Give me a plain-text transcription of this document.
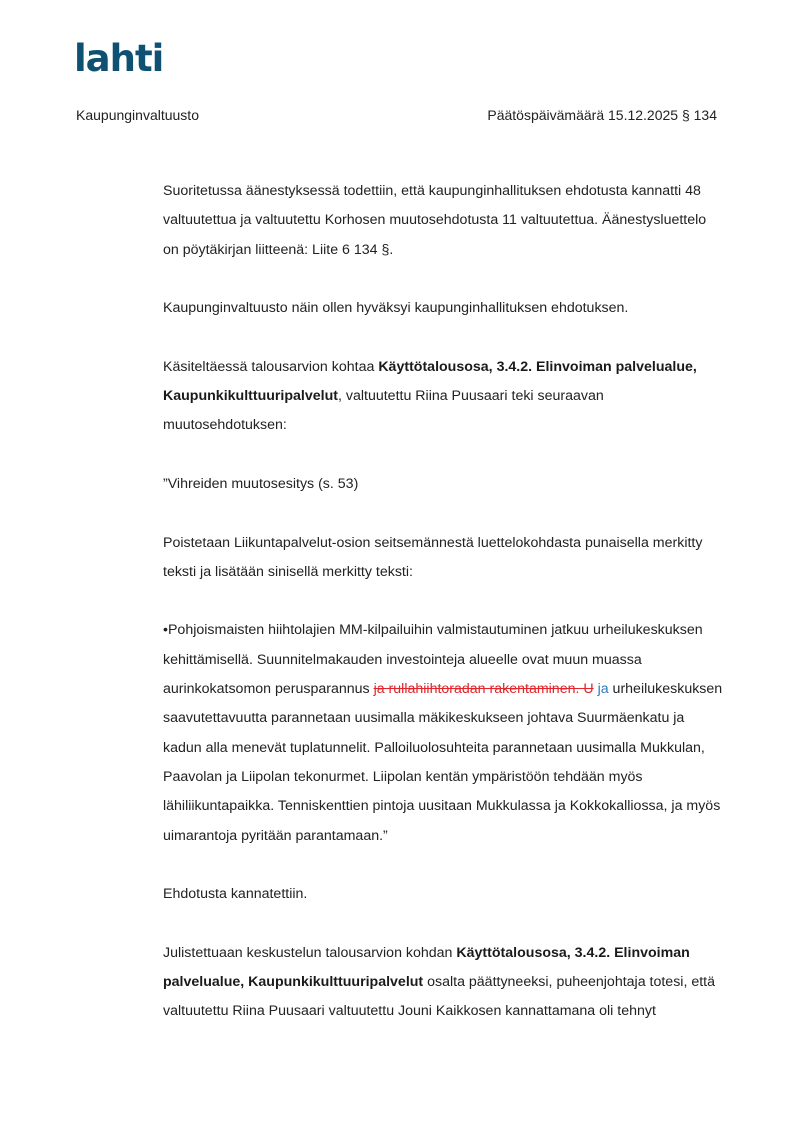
lahti
Kaupunginvaltuusto	Päätöspäivämäärä 15.12.2025 § 134

Suoritetussa äänestyksessä todettiin, että kaupunginhallituksen ehdotusta kannatti 48 valtuutettua ja valtuutettu Korhosen muutosehdotusta 11 valtuutettua. Äänestysluettelo on pöytäkirjan liitteenä: Liite 6 134 §.

Kaupunginvaltuusto näin ollen hyväksyi kaupunginhallituksen ehdotuksen.

Käsiteltäessä talousarvion kohtaa Käyttötalousosa, 3.4.2. Elinvoiman palvelualue, Kaupunkikulttuuripalvelut, valtuutettu Riina Puusaari teki seuraavan muutosehdotuksen:

”Vihreiden muutosesitys (s. 53)

Poistetaan Liikuntapalvelut-osion seitsemännestä luettelokohdasta punaisella merkitty teksti ja lisätään sinisellä merkitty teksti:

•Pohjoismaisten hiihtolajien MM-kilpailuihin valmistautuminen jatkuu urheilukeskuksen kehittämisellä. Suunnitelmakauden investointeja alueelle ovat muun muassa aurinkokatsomon perusparannus ja rullahiihtoradan rakentaminen. U ja urheilukeskuksen saavutettavuutta parannetaan uusimalla mäkikeskukseen johtava Suurmäenkatu ja kadun alla menevät tuplatunnelit. Palloiluolosuhteita parannetaan uusimalla Mukkulan, Paavolan ja Liipolan tekonurmet. Liipolan kentän ympäristöön tehdään myös lähiliikuntapaikka. Tenniskenttien pintoja uusitaan Mukkulassa ja Kokkokalliossa, ja myös uimarantoja pyritään parantamaan.”

Ehdotusta kannatettiin.

Julistettuaan keskustelun talousarvion kohdan Käyttötalousosa, 3.4.2. Elinvoiman palvelualue, Kaupunkikulttuuripalvelut osalta päättyneeksi, puheenjohtaja totesi, että valtuutettu Riina Puusaari valtuutettu Jouni Kaikkosen kannattamana oli tehnyt
